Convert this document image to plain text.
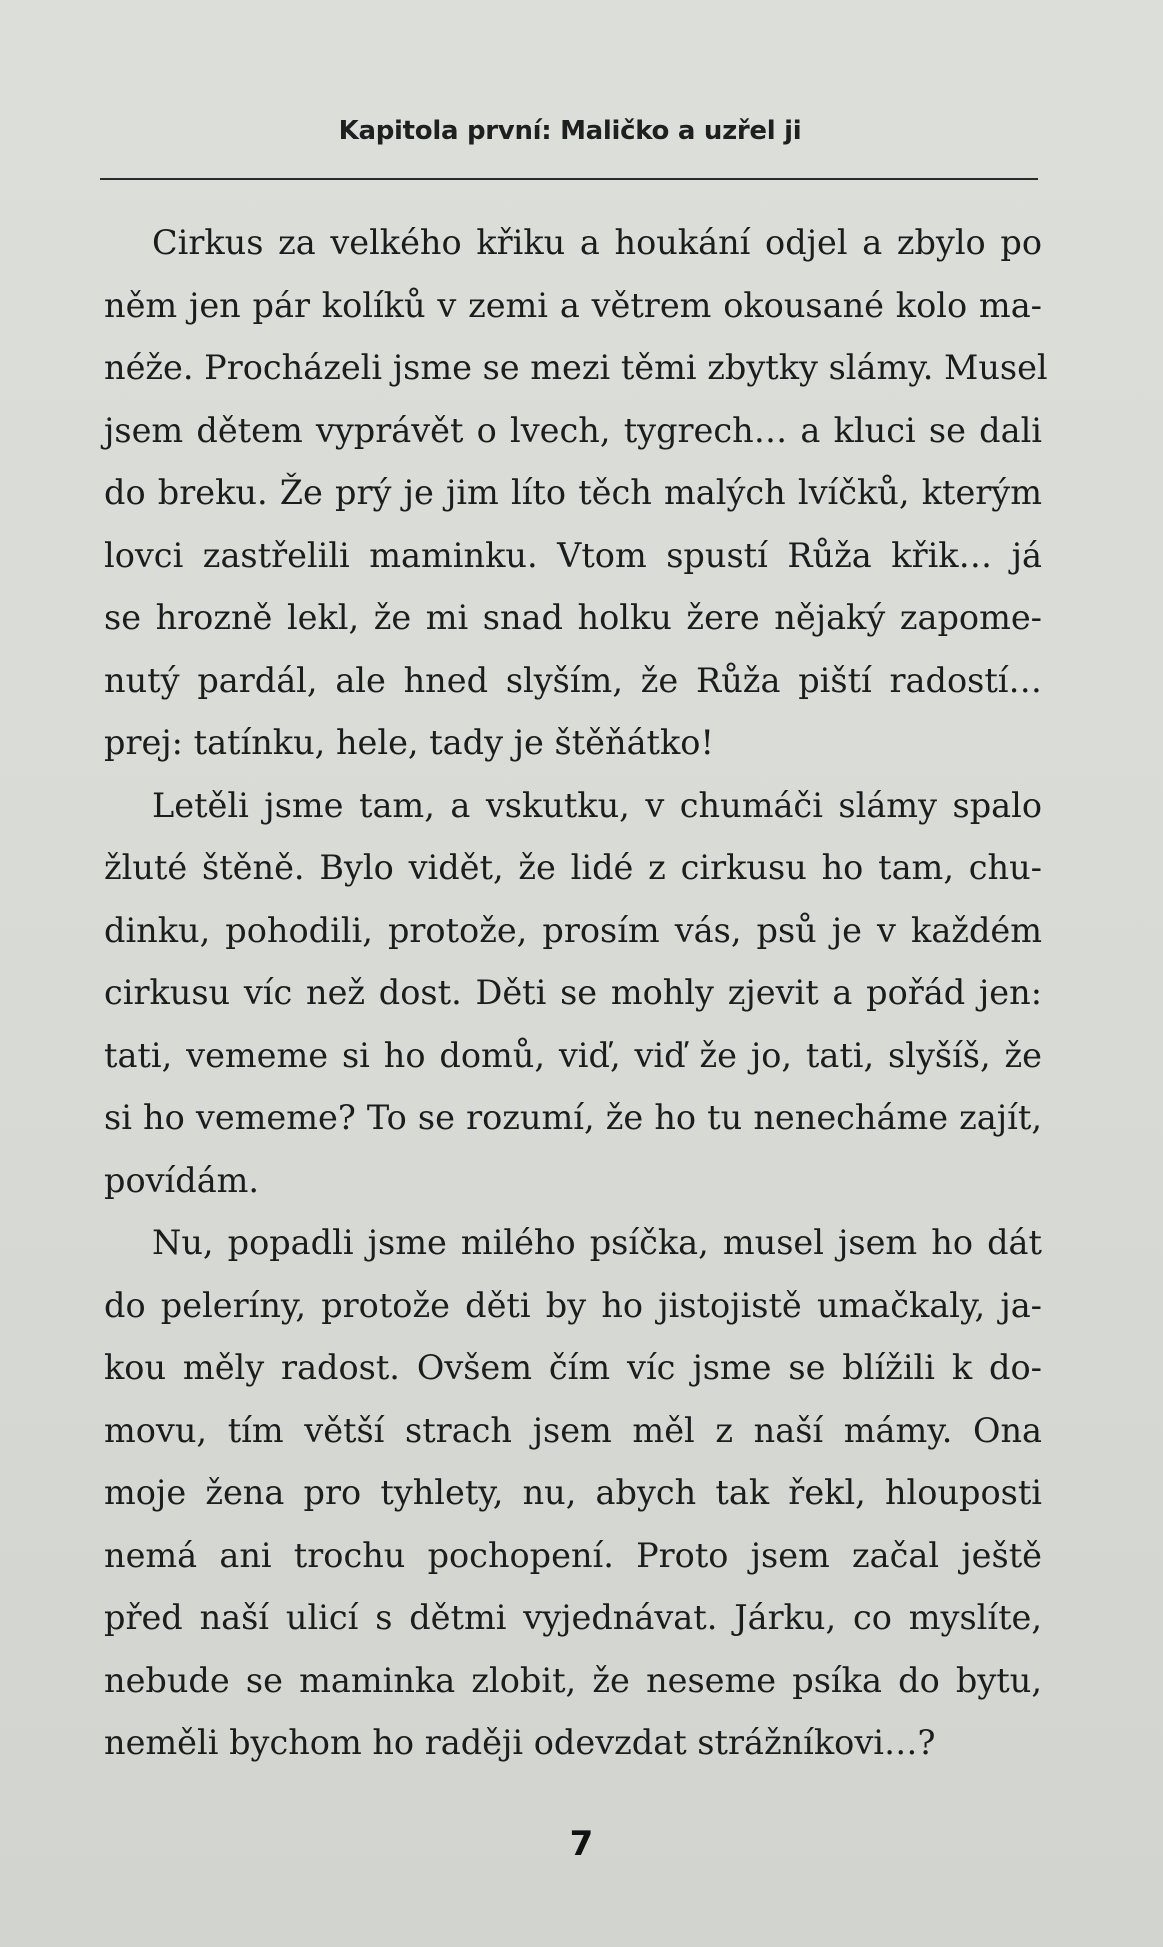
Kapitola první: Maličko a uzřel ji
Cirkus za velkého křiku a houkání odjel a zbylo po
něm jen pár kolíků v zemi a větrem okousané kolo ma-
néže. Procházeli jsme se mezi těmi zbytky slámy. Musel
jsem dětem vyprávět o lvech, tygrech… a kluci se dali
do breku. Že prý je jim líto těch malých lvíčků, kterým
lovci zastřelili maminku. Vtom spustí Růža křik… já
se hrozně lekl, že mi snad holku žere nějaký zapome-
nutý pardál, ale hned slyším, že Růža piští radostí…
prej: tatínku, hele, tady je štěňátko!
Letěli jsme tam, a vskutku, v chumáči slámy spalo
žluté štěně. Bylo vidět, že lidé z cirkusu ho tam, chu-
dinku, pohodili, protože, prosím vás, psů je v každém
cirkusu víc než dost. Děti se mohly zjevit a pořád jen:
tati, vememe si ho domů, viď, viď že jo, tati, slyšíš, že
si ho vememe? To se rozumí, že ho tu nenecháme zajít,
povídám.
Nu, popadli jsme milého psíčka, musel jsem ho dát
do peleríny, protože děti by ho jistojistě umačkaly, ja-
kou měly radost. Ovšem čím víc jsme se blížili k do-
movu, tím větší strach jsem měl z naší mámy. Ona
moje žena pro tyhlety, nu, abych tak řekl, hlouposti
nemá ani trochu pochopení. Proto jsem začal ještě
před naší ulicí s dětmi vyjednávat. Járku, co myslíte,
nebude se maminka zlobit, že neseme psíka do bytu,
neměli bychom ho raději odevzdat strážníkovi…?
7
